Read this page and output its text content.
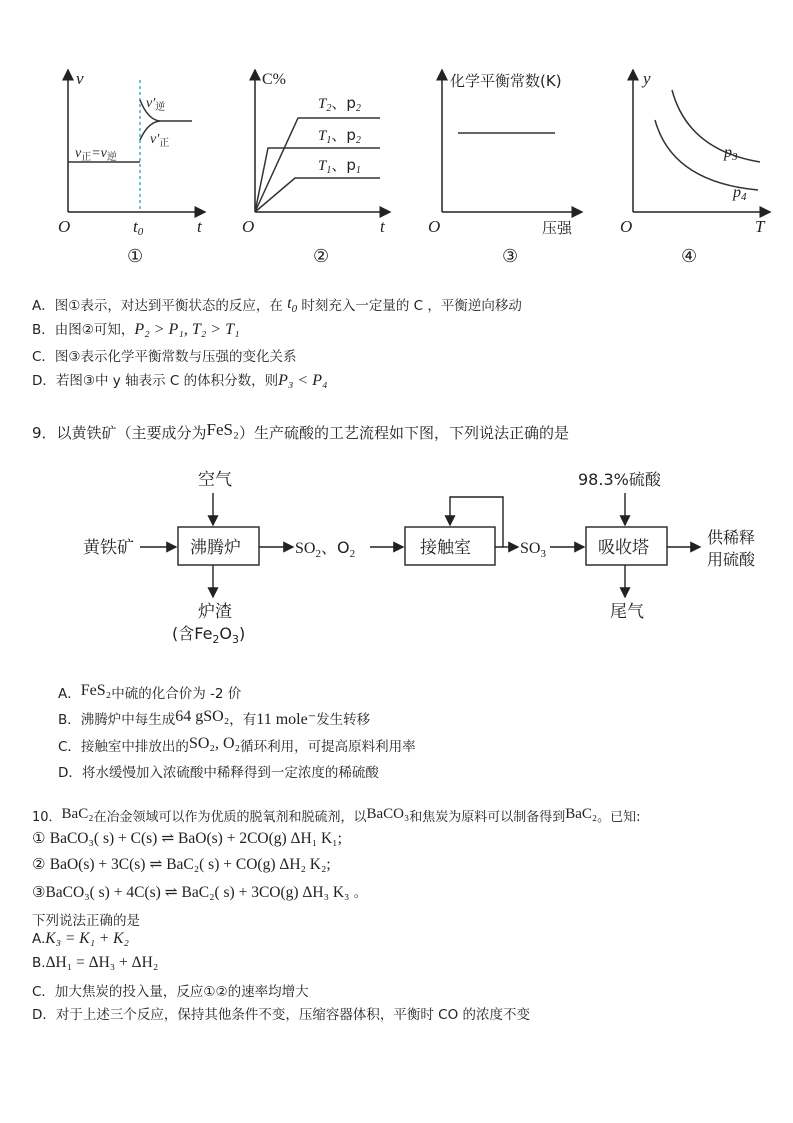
v
O	t0	t
$v'_逆$
$v'_正$
$v_正=v_逆$
①
C%
O	t
$T_2$、$p_2$
$T_1$、$p_2$
$T_1$、$p_1$
②
化学平衡常数(K)
O	压强
③
y
O	T
p3
p4
④
A．图①表示，对达到平衡状态的反应，在 $t_0$ 时刻充入一定量的 C ，平衡逆向移动
B．由图②可知，P₂ > P₁, T₂ > T₁
C．图③表示化学平衡常数与压强的变化关系
D．若图③中 y 轴表示 C 的体积分数，则P₃ < P₄
9．以黄铁矿（主要成分为FeS₂）生产硫酸的工艺流程如下图，下列说法正确的是
黄铁矿
空气
沸腾炉	$SO_2$、$O_2$
炉渣
(含$Fe_2O_3$)
接触室	$SO_3$
98.3%硫酸
吸收塔
供稀释
用硫酸
尾气
A．FeS₂中硫的化合价为 -2 价
B．沸腾炉中每生成64 gSO₂，有11 mole⁻发生转移
C．接触室中排放出的SO₂, O₂循环利用，可提高原料利用率
D．将水缓慢加入浓硫酸中稀释得到一定浓度的稀硫酸
10．BaC₂在冶金领域可以作为优质的脱氧剂和脱硫剂，以BaCO₃和焦炭为原料可以制备得到BaC₂。已知:
① BaCO₃( s) + C(s) ⇌ BaO(s) + 2CO(g) ΔH₁ K₁;
② BaO(s) + 3C(s) ⇌ BaC₂( s) + CO(g) ΔH₂ K₂;
③BaCO₃( s) + 4C(s) ⇌ BaC₂( s) + 3CO(g) ΔH₃ K₃ 。
下列说法正确的是
A.K₃ = K₁ + K₂
B.ΔH₁ = ΔH₃ + ΔH₂
C．加大焦炭的投入量，反应①②的速率均增大
D．对于上述三个反应，保持其他条件不变，压缩容器体积，平衡时 CO 的浓度不变
